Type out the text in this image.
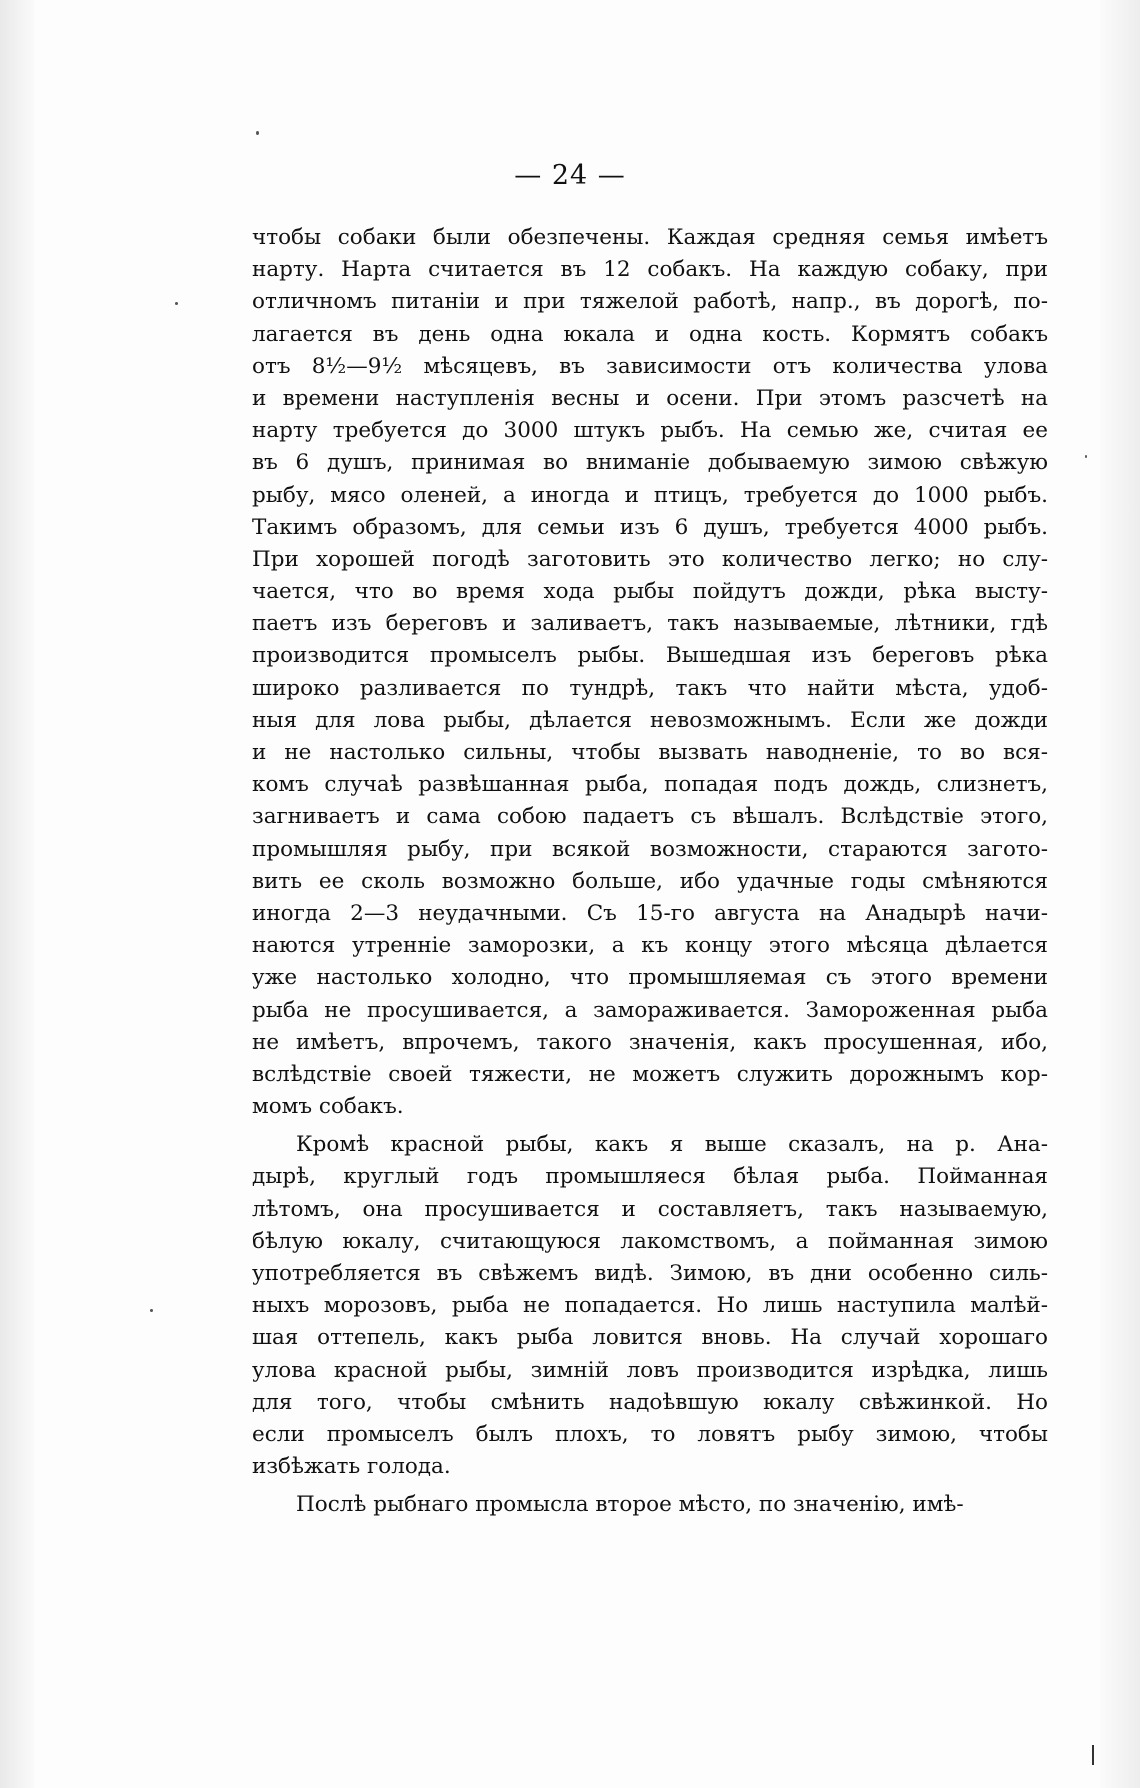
— 24 —
чтобы собаки были обезпечены. Каждая средняя семья имѣетъ
нарту. Нарта считается въ 12 собакъ. На каждую собаку, при
отличномъ питаніи и при тяжелой работѣ, напр., въ дорогѣ, по-
лагается въ день одна юкала и одна кость. Кормятъ собакъ
отъ 8½—9½ мѣсяцевъ, въ зависимости отъ количества улова
и времени наступленія весны и осени. При этомъ разсчетѣ на
нарту требуется до 3000 штукъ рыбъ. На семью же, считая ее
въ 6 душъ, принимая во вниманіе добываемую зимою свѣжую
рыбу, мясо оленей, а иногда и птицъ, требуется до 1000 рыбъ.
Такимъ образомъ, для семьи изъ 6 душъ, требуется 4000 рыбъ.
При хорошей погодѣ заготовить это количество легко; но слу-
чается, что во время хода рыбы пойдутъ дожди, рѣка высту-
паетъ изъ береговъ и заливаетъ, такъ называемые, лѣтники, гдѣ
производится промыселъ рыбы. Вышедшая изъ береговъ рѣка
широко разливается по тундрѣ, такъ что найти мѣста, удоб-
ныя для лова рыбы, дѣлается невозможнымъ. Если же дожди
и не настолько сильны, чтобы вызвать наводненіе, то во вся-
комъ случаѣ развѣшанная рыба, попадая подъ дождь, слизнетъ,
загниваетъ и сама собою падаетъ съ вѣшалъ. Вслѣдствіе этого,
промышляя рыбу, при всякой возможности, стараются загото-
вить ее сколь возможно больше, ибо удачные годы смѣняются
иногда 2—3 неудачными. Съ 15-го августа на Анадырѣ начи-
наются утренніе заморозки, а къ концу этого мѣсяца дѣлается
уже настолько холодно, что промышляемая съ этого времени
рыба не просушивается, а замораживается. Замороженная рыба
не имѣетъ, впрочемъ, такого значенія, какъ просушенная, ибо,
вслѣдствіе своей тяжести, не можетъ служить дорожнымъ кор-
момъ собакъ.
Кромѣ красной рыбы, какъ я выше сказалъ, на р. Ана-
дырѣ, круглый годъ промышляеся бѣлая рыба. Пойманная
лѣтомъ, она просушивается и составляетъ, такъ называемую,
бѣлую юкалу, считающуюся лакомствомъ, а пойманная зимою
употребляется въ свѣжемъ видѣ. Зимою, въ дни особенно силь-
ныхъ морозовъ, рыба не попадается. Но лишь наступила малѣй-
шая оттепель, какъ рыба ловится вновь. На случай хорошаго
улова красной рыбы, зимній ловъ производится изрѣдка, лишь
для того, чтобы смѣнить надоѣвшую юкалу свѣжинкой. Но
если промыселъ былъ плохъ, то ловятъ рыбу зимою, чтобы
избѣжать голода.
Послѣ рыбнаго промысла второе мѣсто, по значенію, имѣ-
